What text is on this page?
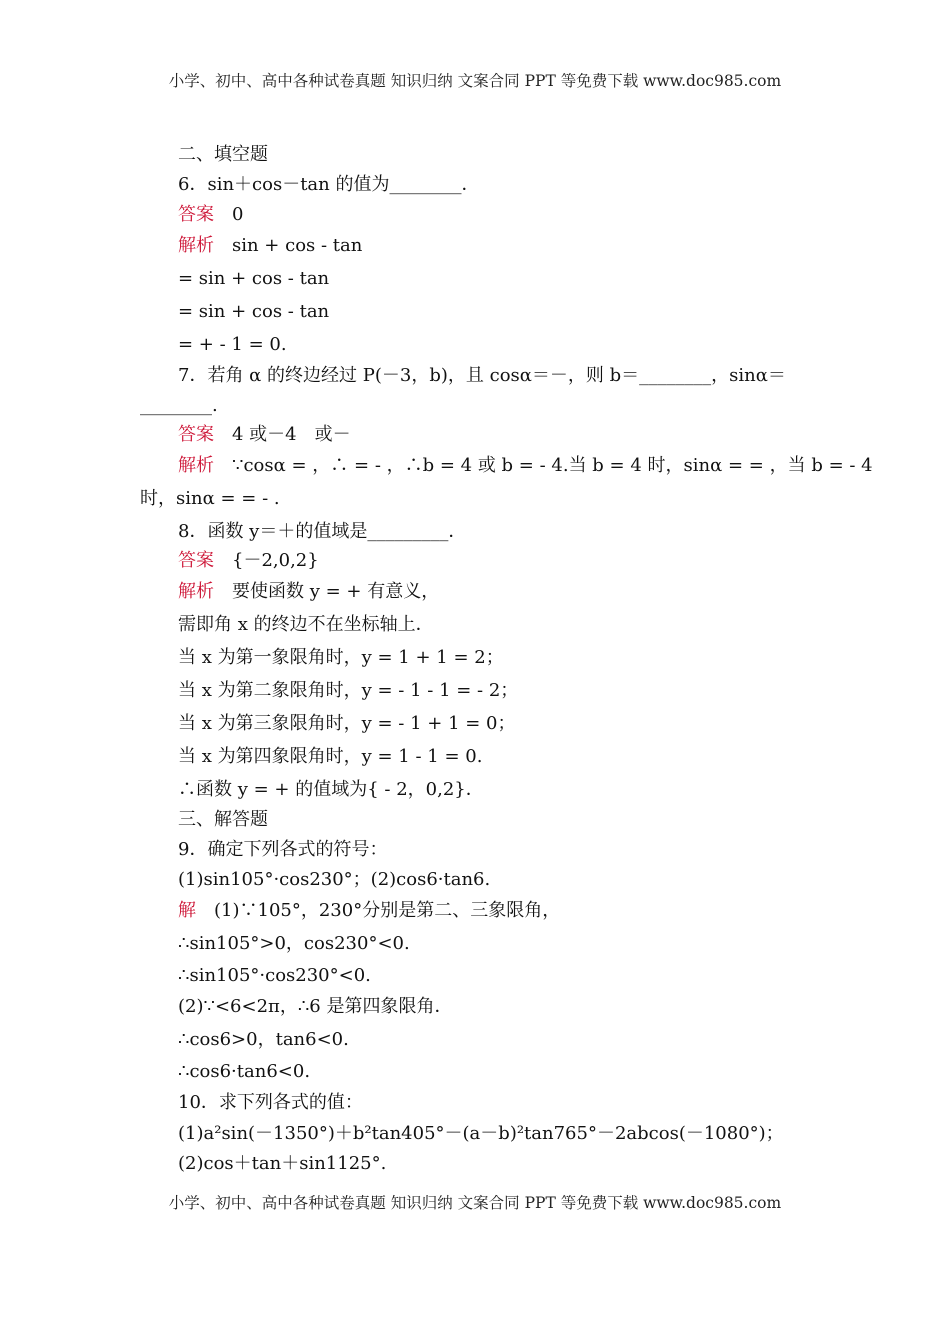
小学、初中、高中各种试卷真题 知识归纳 文案合同 PPT 等免费下载 www.doc985.com
二、填空题
6．sin＋cos－tan 的值为________．
答案 0
解析 sin + cos - tan
= sin + cos - tan
= sin + cos - tan
= + - 1 = 0.
7．若角 α 的终边经过 P(－3，b)，且 cosα＝－，则 b＝________，sinα＝
________.
答案 4 或－4　或－
解析 ∵cosα = ，∴ = - ，∴b = 4 或 b = - 4.当 b = 4 时，sinα = = ，当 b = - 4
时，sinα = = - .
8．函数 y＝＋的值域是_________．
答案 {－2,0,2}
解析 要使函数 y = + 有意义，
需即角 x 的终边不在坐标轴上．
当 x 为第一象限角时，y = 1 + 1 = 2；
当 x 为第二象限角时，y = - 1 - 1 = - 2；
当 x 为第三象限角时，y = - 1 + 1 = 0；
当 x 为第四象限角时，y = 1 - 1 = 0.
∴函数 y = + 的值域为{ - 2，0,2}．
三、解答题
9．确定下列各式的符号：
(1)sin105°·cos230°；(2)cos6·tan6.
解 (1)∵105°，230°分别是第二、三象限角，
∴sin105°>0，cos230°<0.
∴sin105°·cos230°<0.
(2)∵<6<2π，∴6 是第四象限角．
∴cos6>0，tan6<0.
∴cos6·tan6<0.
10．求下列各式的值：
(1)a²sin(－1350°)＋b²tan405°－(a－b)²tan765°－2abcos(－1080°)；
(2)cos＋tan＋sin1125°.
小学、初中、高中各种试卷真题 知识归纳 文案合同 PPT 等免费下载 www.doc985.com
